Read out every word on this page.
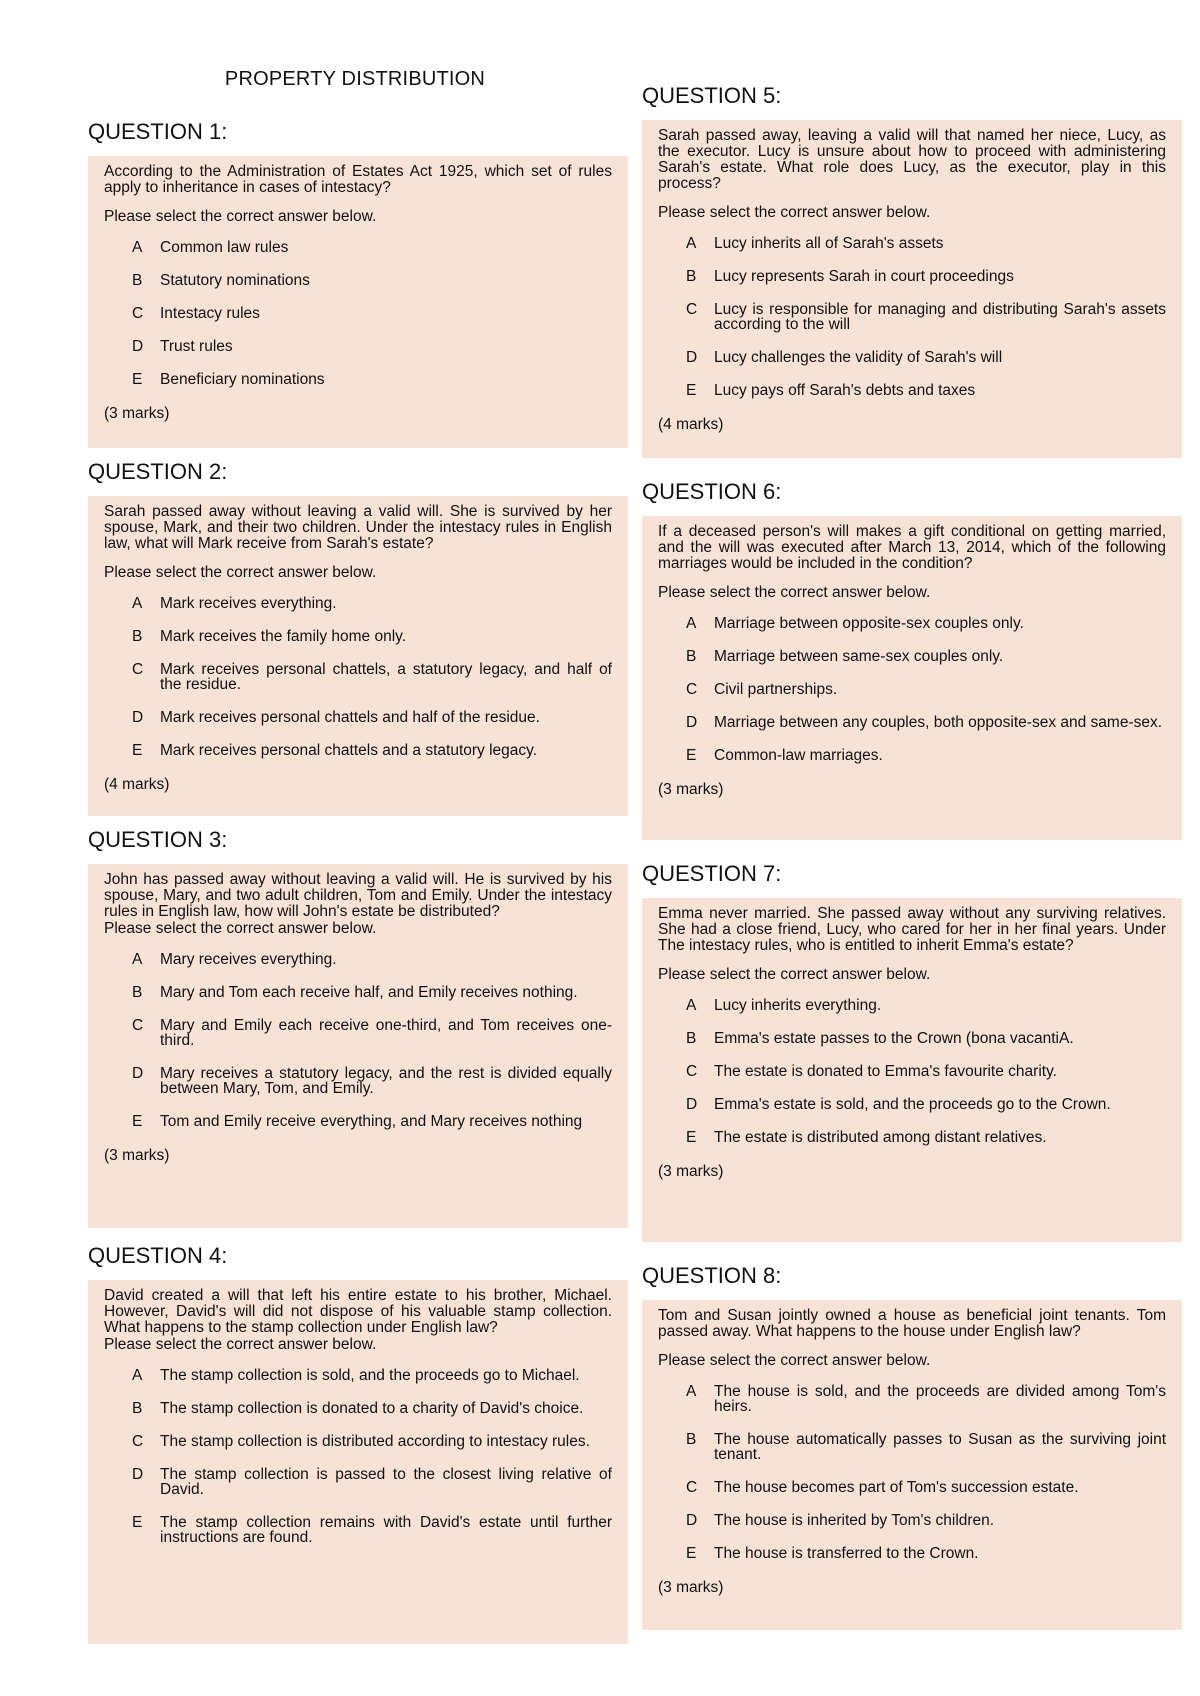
PROPERTY DISTRIBUTION
QUESTION 1:

According to the Administration of Estates Act 1925, which set of rules apply to inheritance in cases of intestacy?

Please select the correct answer below.

A	Common law rules
B	Statutory nominations
C	Intestacy rules
D	Trust rules
E	Beneficiary nominations
(3 marks)
QUESTION 2:

Sarah passed away without leaving a valid will. She is survived by her spouse, Mark, and their two children. Under the intestacy rules in English law, what will Mark receive from Sarah's estate?

Please select the correct answer below.

A	Mark receives everything.
B	Mark receives the family home only.
C	Mark receives personal chattels, a statutory legacy, and half of the residue.
D	Mark receives personal chattels and half of the residue.
E	Mark receives personal chattels and a statutory legacy.
(4 marks)
QUESTION 3:

John has passed away without leaving a valid will. He is survived by his spouse, Mary, and two adult children, Tom and Emily. Under the intestacy rules in English law, how will John's estate be distributed?

Please select the correct answer below.

A	Mary receives everything.
B	Mary and Tom each receive half, and Emily receives nothing.
C	Mary and Emily each receive one-third, and Tom receives one-third.
D	Mary receives a statutory legacy, and the rest is divided equally between Mary, Tom, and Emily.
E	Tom and Emily receive everything, and Mary receives nothing
(3 marks)
QUESTION 4:

David created a will that left his entire estate to his brother, Michael. However, David's will did not dispose of his valuable stamp collection. What happens to the stamp collection under English law?

Please select the correct answer below.

A	The stamp collection is sold, and the proceeds go to Michael.
B	The stamp collection is donated to a charity of David's choice.
C	The stamp collection is distributed according to intestacy rules.
D	The stamp collection is passed to the closest living relative of David.
E	The stamp collection remains with David's estate until further instructions are found.
QUESTION 5:

Sarah passed away, leaving a valid will that named her niece, Lucy, as the executor. Lucy is unsure about how to proceed with administering Sarah's estate. What role does Lucy, as the executor, play in this process?

Please select the correct answer below.

A	Lucy inherits all of Sarah's assets
B	Lucy represents Sarah in court proceedings
C	Lucy is responsible for managing and distributing Sarah's assets according to the will
D	Lucy challenges the validity of Sarah's will
E	Lucy pays off Sarah's debts and taxes
(4 marks)
QUESTION 6:

If a deceased person's will makes a gift conditional on getting married, and the will was executed after March 13, 2014, which of the following marriages would be included in the condition?

Please select the correct answer below.

A	Marriage between opposite-sex couples only.
B	Marriage between same-sex couples only.
C	Civil partnerships.
D	Marriage between any couples, both opposite-sex and same-sex.
E	Common-law marriages.
(3 marks)
QUESTION 7:

Emma never married. She passed away without any surviving relatives. She had a close friend, Lucy, who cared for her in her final years. Under The intestacy rules, who is entitled to inherit Emma's estate?

Please select the correct answer below.

A	Lucy inherits everything.
B	Emma's estate passes to the Crown (bona vacantiA.
C	The estate is donated to Emma's favourite charity.
D	Emma's estate is sold, and the proceeds go to the Crown.
E	The estate is distributed among distant relatives.
(3 marks)
QUESTION 8:

Tom and Susan jointly owned a house as beneficial joint tenants. Tom passed away. What happens to the house under English law?

Please select the correct answer below.

A	The house is sold, and the proceeds are divided among Tom's heirs.
B	The house automatically passes to Susan as the surviving joint tenant.
C	The house becomes part of Tom's succession estate.
D	The house is inherited by Tom's children.
E	The house is transferred to the Crown.
(3 marks)
